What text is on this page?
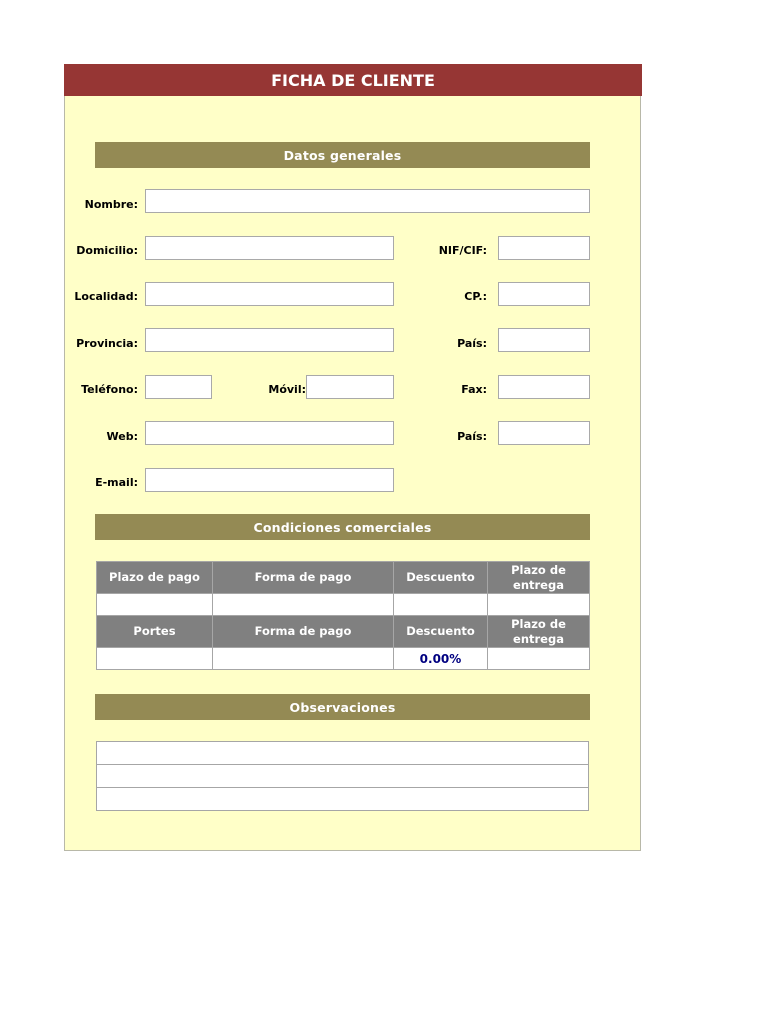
FICHA DE CLIENTE
Datos generales
Nombre:
Domicilio:	NIF/CIF:
Localidad:	CP.:
Provincia:	País:
Teléfono:	Móvil:	Fax:
Web:	País:
E-mail:
Condiciones comerciales
Plazo de pago	Forma de pago	Descuento	Plazo de entrega

Portes	Forma de pago	Descuento	Plazo de entrega
		0.00%	
Observaciones
